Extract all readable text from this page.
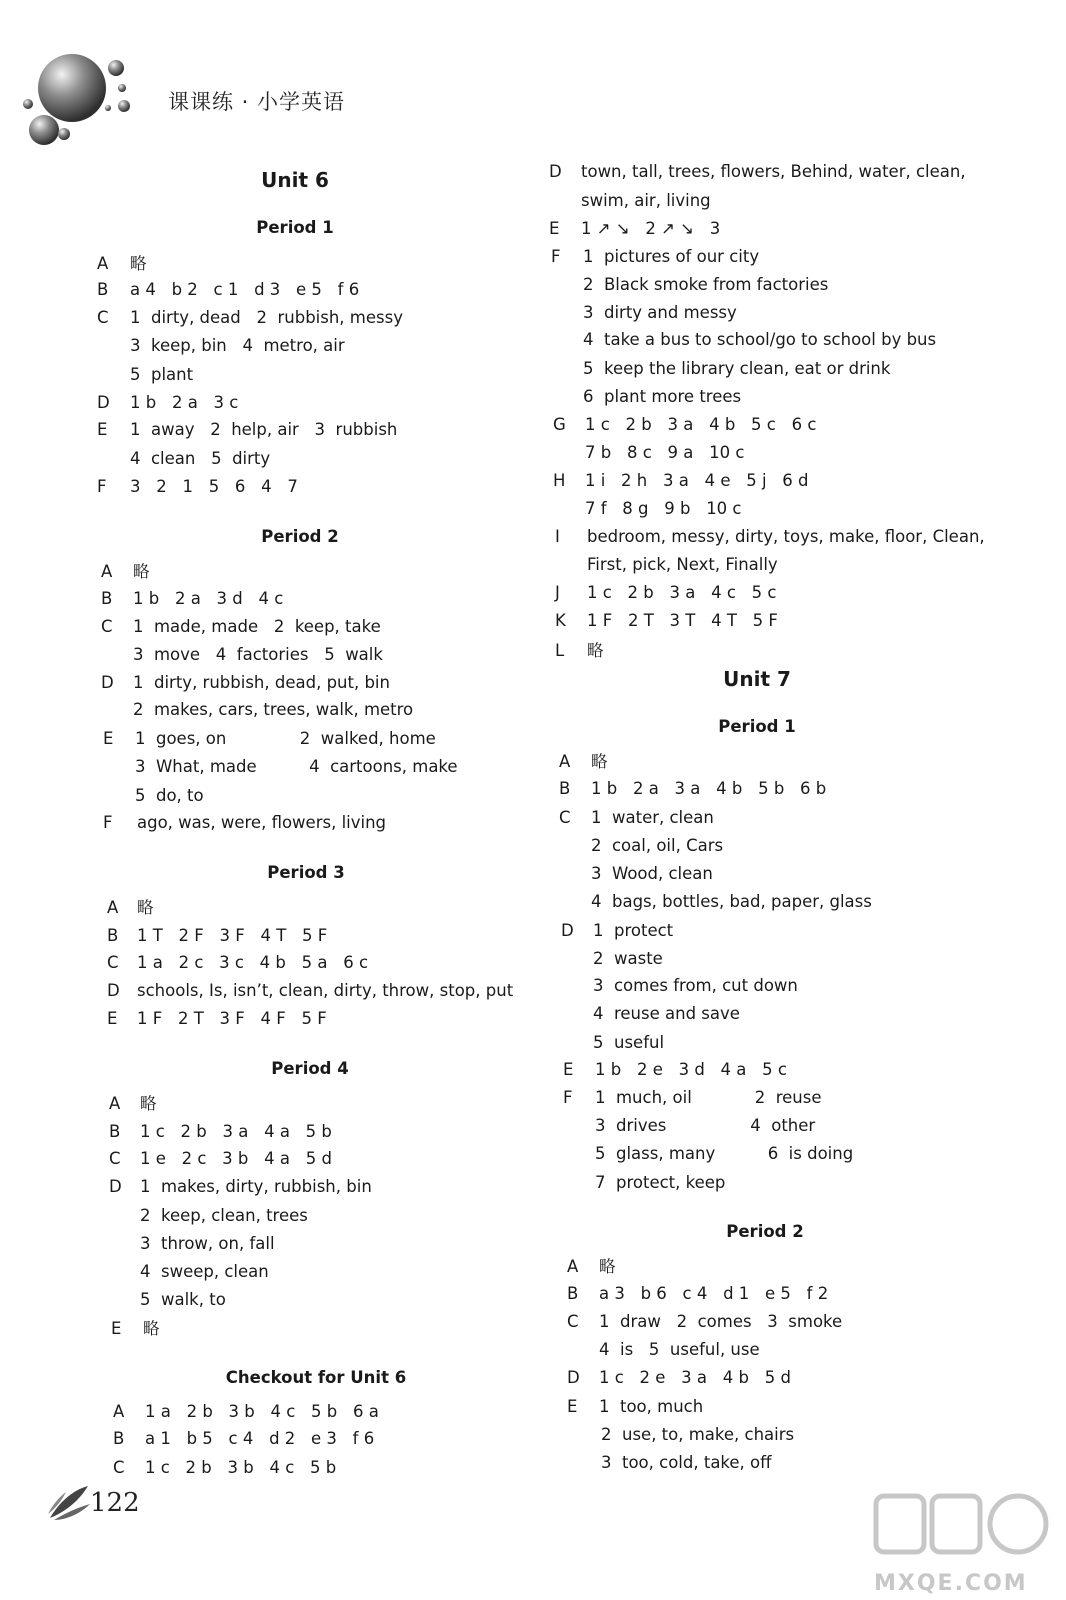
课课练 · 小学英语
Unit 6
Period 1
A 略
B a 4   b 2   c 1   d 3   e 5   f 6
C 1  dirty, dead   2  rubbish, messy
3  keep, bin   4  metro, air
5  plant
D 1 b   2 a   3 c
E 1  away   2  help, air   3  rubbish
4  clean   5  dirty
F 3   2   1   5   6   4   7
Period 2
A 略
B 1 b   2 a   3 d   4 c
C 1  made, made   2  keep, take
3  move   4  factories   5  walk
D 1  dirty, rubbish, dead, put, bin
2  makes, cars, trees, walk, metro
E 1  goes, on              2  walked, home
3  What, made          4  cartoons, make
5  do, to
F ago, was, were, flowers, living
Period 3
A 略
B 1 T   2 F   3 F   4 T   5 F
C 1 a   2 c   3 c   4 b   5 a   6 c
D schools, Is, isn’t, clean, dirty, throw, stop, put
E 1 F   2 T   3 F   4 F   5 F
Period 4
A 略
B 1 c   2 b   3 a   4 a   5 b
C 1 e   2 c   3 b   4 a   5 d
D 1  makes, dirty, rubbish, bin
2  keep, clean, trees
3  throw, on, fall
4  sweep, clean
5  walk, to
E 略
Checkout for Unit 6
A 1 a   2 b   3 b   4 c   5 b   6 a
B a 1   b 5   c 4   d 2   e 3   f 6
C 1 c   2 b   3 b   4 c   5 b
D town, tall, trees, flowers, Behind, water, clean,
swim, air, living
E 1 ↗ ↘   2 ↗ ↘   3
F 1  pictures of our city
2  Black smoke from factories
3  dirty and messy
4  take a bus to school/go to school by bus
5  keep the library clean, eat or drink
6  plant more trees
G 1 c   2 b   3 a   4 b   5 c   6 c
7 b   8 c   9 a   10 c
H 1 i   2 h   3 a   4 e   5 j   6 d
7 f   8 g   9 b   10 c
I bedroom, messy, dirty, toys, make, floor, Clean,
First, pick, Next, Finally
J 1 c   2 b   3 a   4 c   5 c
K 1 F   2 T   3 T   4 T   5 F
L 略
Unit 7
Period 1
A 略
B 1 b   2 a   3 a   4 b   5 b   6 b
C 1  water, clean
2  coal, oil, Cars
3  Wood, clean
4  bags, bottles, bad, paper, glass
D 1  protect
2  waste
3  comes from, cut down
4  reuse and save
5  useful
E 1 b   2 e   3 d   4 a   5 c
F 1  much, oil            2  reuse
3  drives                4  other
5  glass, many          6  is doing
7  protect, keep
Period 2
A 略
B a 3   b 6   c 4   d 1   e 5   f 2
C 1  draw   2  comes   3  smoke
4  is   5  useful, use
D 1 c   2 e   3 a   4 b   5 d
E 1  too, much
2  use, to, make, chairs
3  too, cold, take, off
122
MXQE.COM
